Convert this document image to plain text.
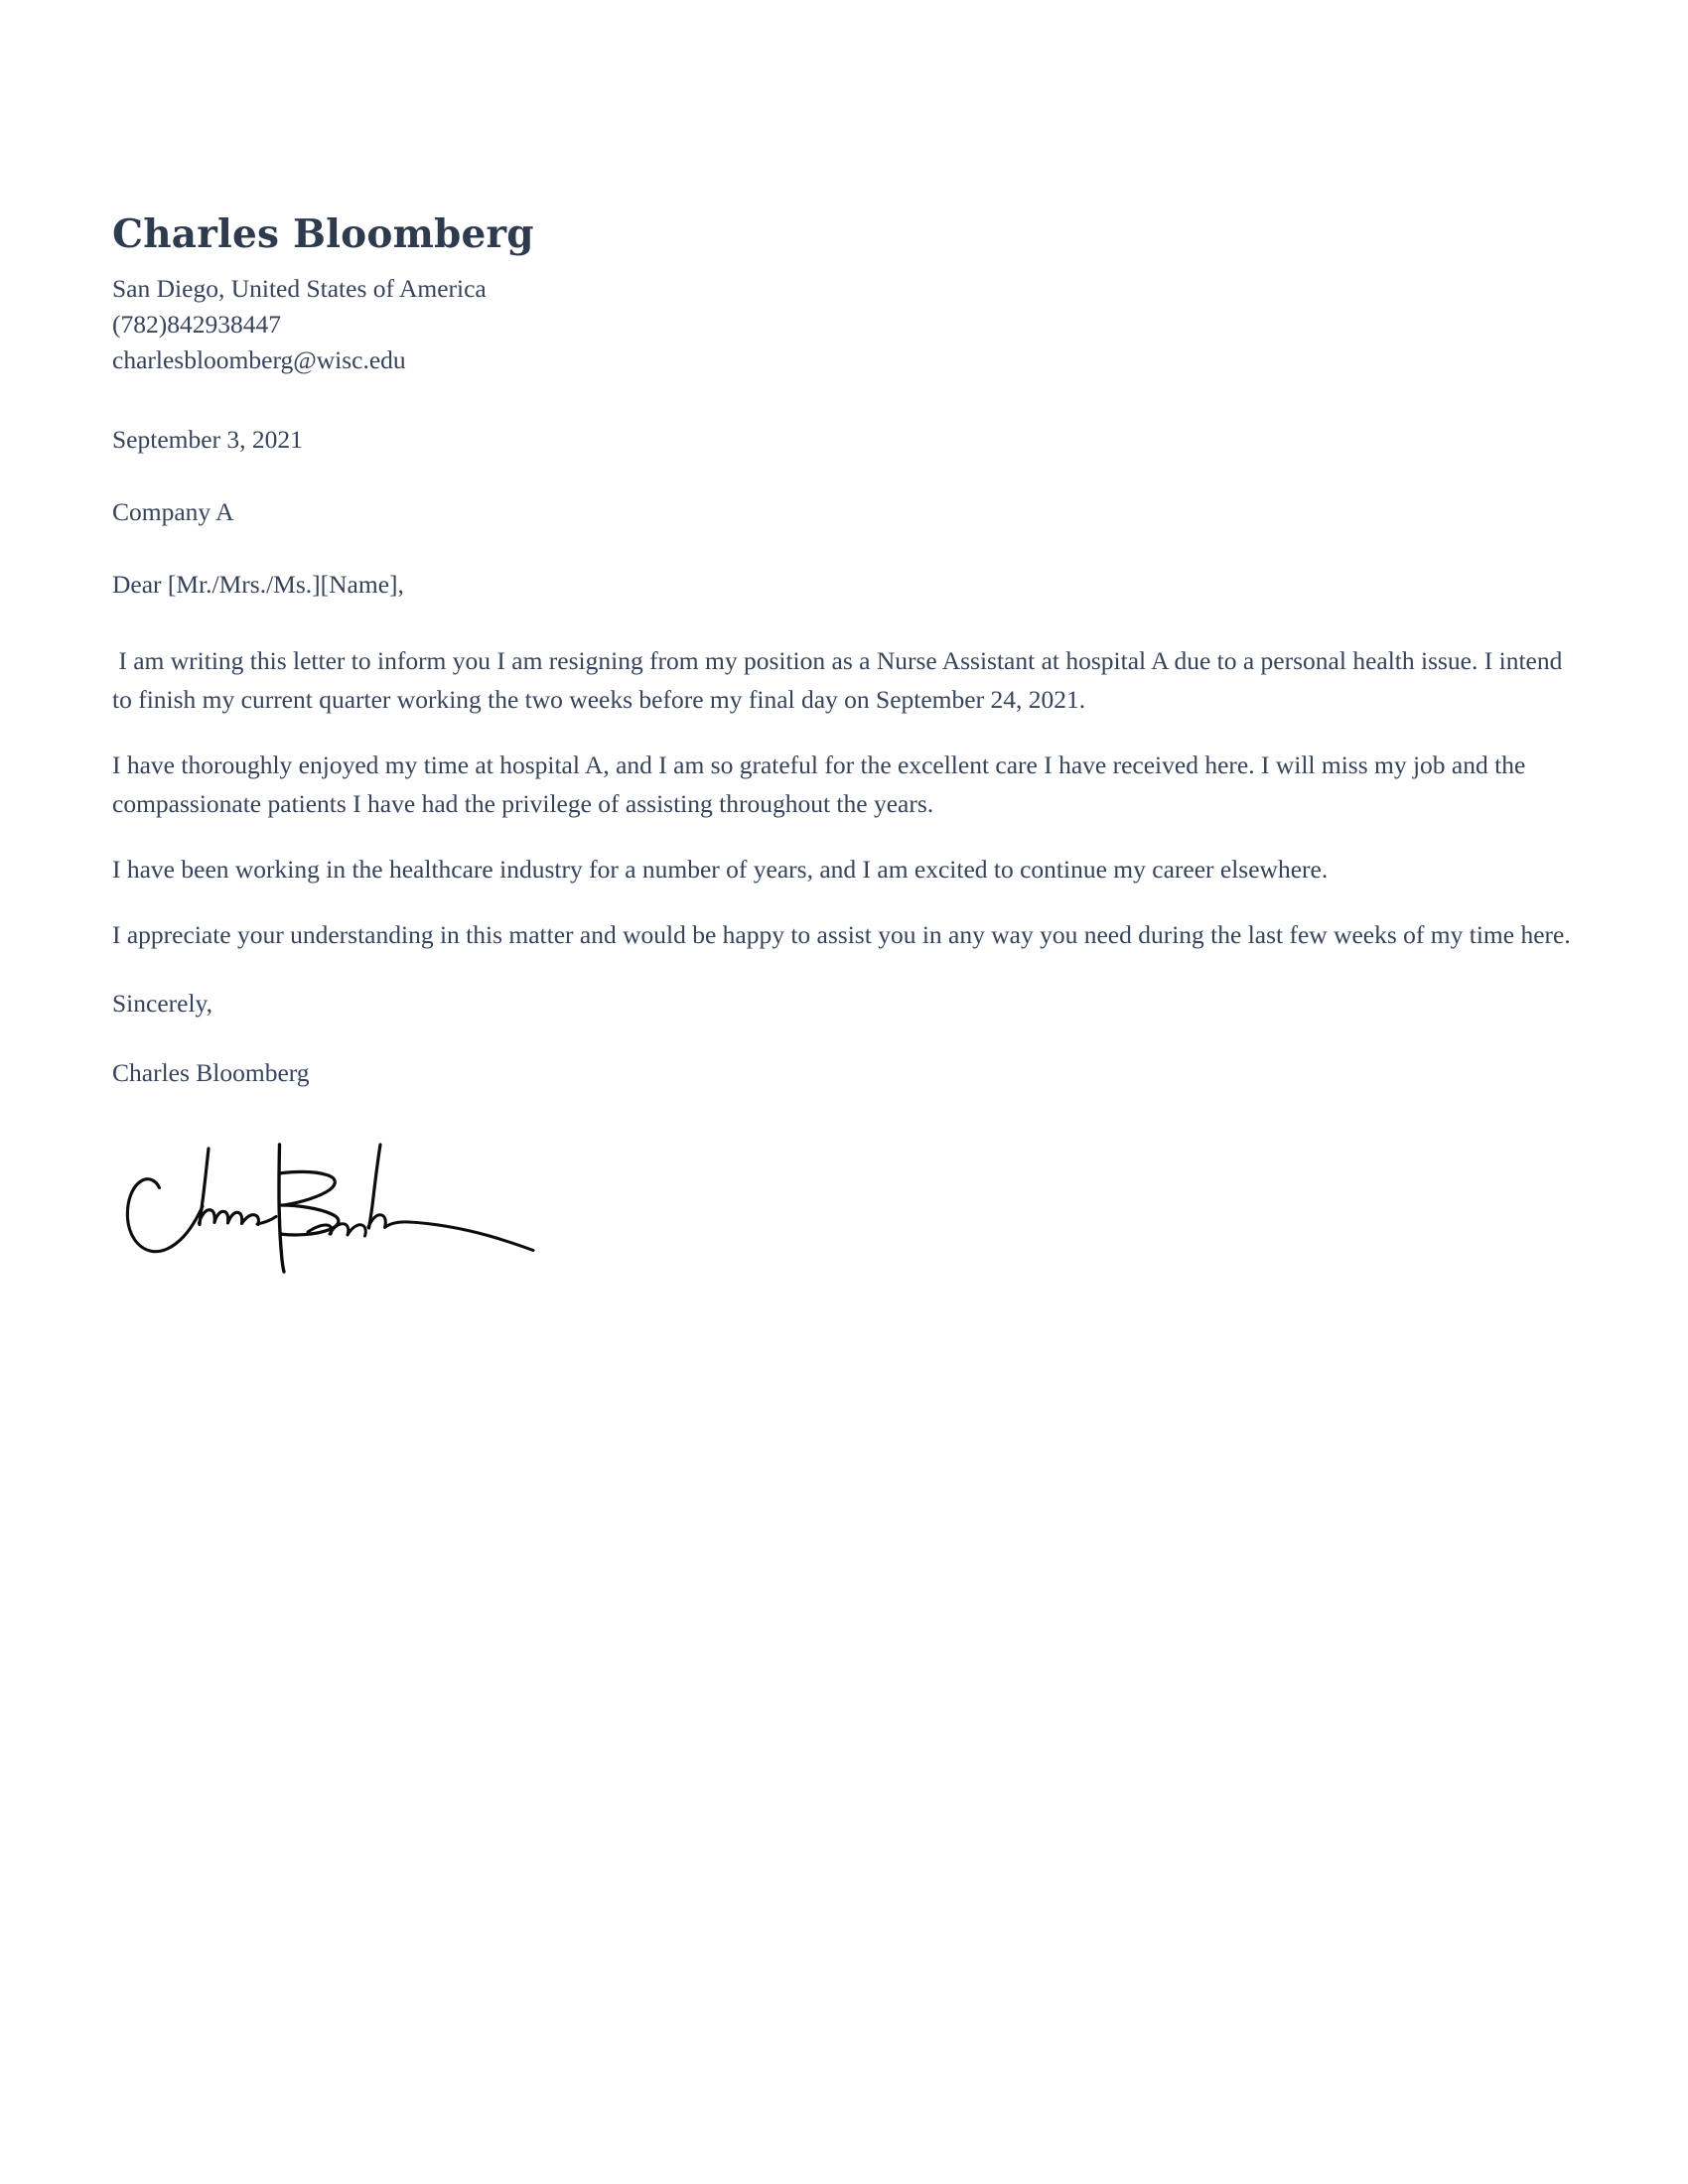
Charles Bloomberg

San Diego, United States of America

(782)842938447

charlesbloomberg@wisc.edu

September 3, 2021

Company A

Dear [Mr./Mrs./Ms.][Name],

I am writing this letter to inform you I am resigning from my position as a Nurse Assistant at hospital A due to a personal health issue. I intend to finish my current quarter working the two weeks before my final day on September 24, 2021.

I have thoroughly enjoyed my time at hospital A, and I am so grateful for the excellent care I have received here. I will miss my job and the compassionate patients I have had the privilege of assisting throughout the years.

I have been working in the healthcare industry for a number of years, and I am excited to continue my career elsewhere.

I appreciate your understanding in this matter and would be happy to assist you in any way you need during the last few weeks of my time here.

Sincerely,

Charles Bloomberg
